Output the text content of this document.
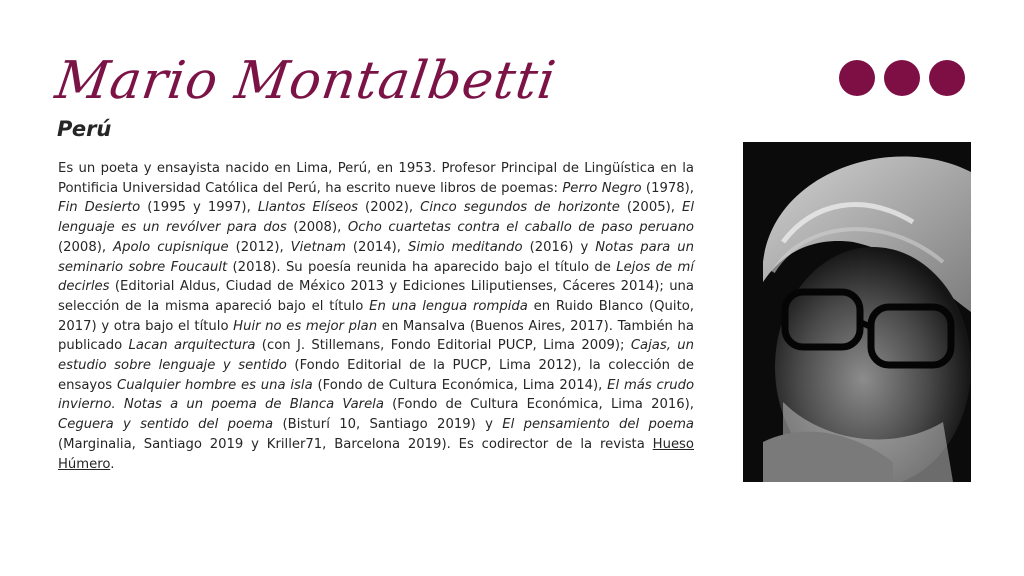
Mario Montalbetti
Perú

Es un poeta y ensayista nacido en Lima, Perú, en 1953. Profesor Principal de Lingüística en la Pontificia Universidad Católica del Perú, ha escrito nueve libros de poemas: Perro Negro (1978), Fin Desierto (1995 y 1997), Llantos Elíseos (2002), Cinco segundos de horizonte (2005), El lenguaje es un revólver para dos (2008), Ocho cuartetas contra el caballo de paso peruano (2008), Apolo cupisnique (2012), Vietnam (2014), Simio meditando (2016) y Notas para un seminario sobre Foucault (2018). Su poesía reunida ha aparecido bajo el título de Lejos de mí decirles (Editorial Aldus, Ciudad de México 2013 y Ediciones Liliputienses, Cáceres 2014); una selección de la misma apareció bajo el título En una lengua rompida en Ruido Blanco (Quito, 2017) y otra bajo el título Huir no es mejor plan en Mansalva (Buenos Aires, 2017). También ha publicado Lacan arquitectura (con J. Stillemans, Fondo Editorial PUCP, Lima 2009); Cajas, un estudio sobre lenguaje y sentido (Fondo Editorial de la PUCP, Lima 2012), la colección de ensayos Cualquier hombre es una isla (Fondo de Cultura Económica, Lima 2014), El más crudo invierno. Notas a un poema de Blanca Varela (Fondo de Cultura Económica, Lima 2016), Ceguera y sentido del poema (Bisturí 10, Santiago 2019) y El pensamiento del poema (Marginalia, Santiago 2019 y Kriller71, Barcelona 2019). Es codirector de la revista Hueso Húmero.
